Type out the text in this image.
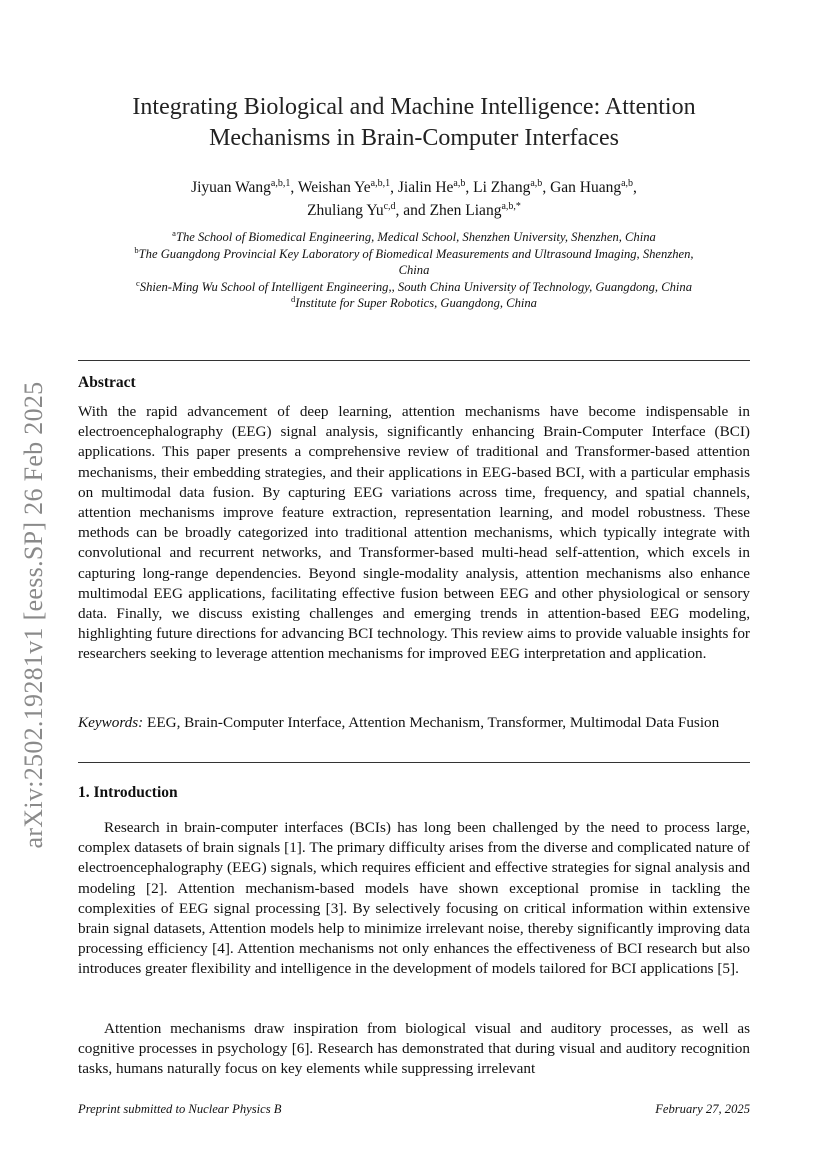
arXiv:2502.19281v1 [eess.SP] 26 Feb 2025
Integrating Biological and Machine Intelligence: Attention Mechanisms in Brain-Computer Interfaces
Jiyuan Wang$^{a,b,1}$, Weishan Ye$^{a,b,1}$, Jialin He$^{a,b}$, Li Zhang$^{a,b}$, Gan Huang$^{a,b}$,
Zhuliang Yu$^{c,d}$, and Zhen Liang$^{a,b,*}$
$^a$The School of Biomedical Engineering, Medical School, Shenzhen University, Shenzhen, China
$^b$The Guangdong Provincial Key Laboratory of Biomedical Measurements and Ultrasound Imaging, Shenzhen, China
$^c$Shien-Ming Wu School of Intelligent Engineering,, South China University of Technology, Guangdong, China
$^d$Institute for Super Robotics, Guangdong, China
Abstract
With the rapid advancement of deep learning, attention mechanisms have become indispensable in electroencephalography (EEG) signal analysis, significantly enhancing Brain-Computer Interface (BCI) applications. This paper presents a comprehensive review of traditional and Transformer-based attention mechanisms, their embedding strategies, and their applications in EEG-based BCI, with a particular emphasis on multimodal data fusion. By capturing EEG variations across time, frequency, and spatial channels, attention mechanisms improve feature extraction, representation learning, and model robustness. These methods can be broadly categorized into traditional attention mechanisms, which typically integrate with convolutional and recurrent networks, and Transformer-based multi-head self-attention, which excels in capturing long-range dependencies. Beyond single-modality analysis, attention mechanisms also enhance multimodal EEG applications, facilitating effective fusion between EEG and other physiological or sensory data. Finally, we discuss existing challenges and emerging trends in attention-based EEG modeling, highlighting future directions for advancing BCI technology. This review aims to provide valuable insights for researchers seeking to leverage attention mechanisms for improved EEG interpretation and application.
Keywords: EEG, Brain-Computer Interface, Attention Mechanism, Transformer, Multimodal Data Fusion
1. Introduction
Research in brain-computer interfaces (BCIs) has long been challenged by the need to process large, complex datasets of brain signals [1]. The primary difficulty arises from the diverse and complicated nature of electroencephalography (EEG) signals, which requires efficient and effective strategies for signal analysis and modeling [2]. Attention mechanism-based models have shown exceptional promise in tackling the complexities of EEG signal processing [3]. By selectively focusing on critical information within extensive brain signal datasets, Attention models help to minimize irrelevant noise, thereby significantly improving data processing efficiency [4]. Attention mechanisms not only enhances the effectiveness of BCI research but also introduces greater flexibility and intelligence in the development of models tailored for BCI applications [5].
Attention mechanisms draw inspiration from biological visual and auditory processes, as well as cognitive processes in psychology [6]. Research has demonstrated that during visual and auditory recognition tasks, humans naturally focus on key elements while suppressing irrelevant
Preprint submitted to Nuclear Physics B	February 27, 2025
